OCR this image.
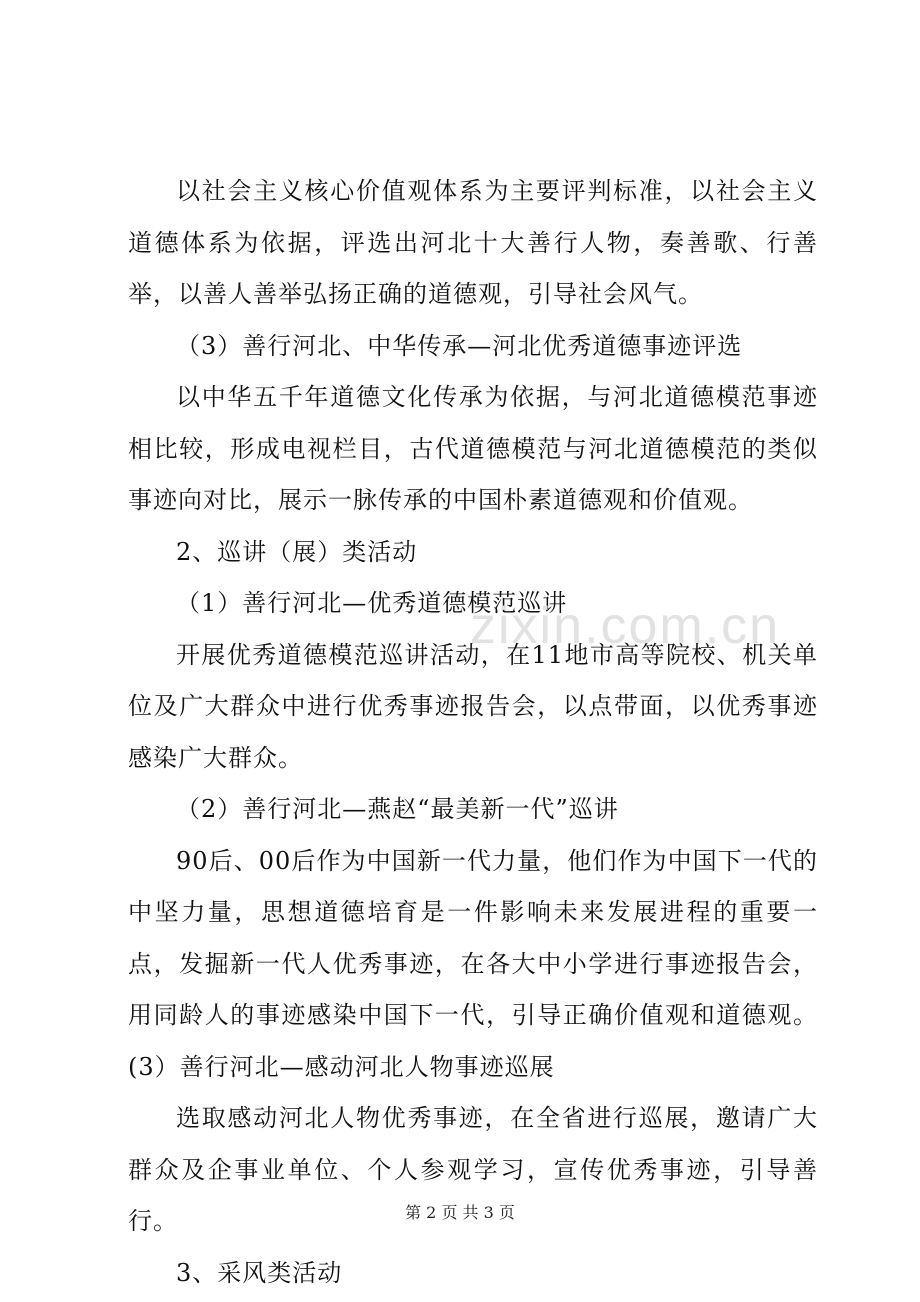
以社会主义核心价值观体系为主要评判标准，以社会主义道德体系为依据，评选出河北十大善行人物，奏善歌、行善举，以善人善举弘扬正确的道德观，引导社会风气。

（3）善行河北、中华传承—河北优秀道德事迹评选

以中华五千年道德文化传承为依据，与河北道德模范事迹相比较，形成电视栏目，古代道德模范与河北道德模范的类似事迹向对比，展示一脉传承的中国朴素道德观和价值观。

2、巡讲（展）类活动

（1）善行河北—优秀道德模范巡讲

开展优秀道德模范巡讲活动，在11地市高等院校、机关单位及广大群众中进行优秀事迹报告会，以点带面，以优秀事迹感染广大群众。

（2）善行河北—燕赵“最美新一代”巡讲

90后、00后作为中国新一代力量，他们作为中国下一代的中坚力量，思想道德培育是一件影响未来发展进程的重要一点，发掘新一代人优秀事迹，在各大中小学进行事迹报告会，用同龄人的事迹感染中国下一代，引导正确价值观和道德观。(3）善行河北—感动河北人物事迹巡展

选取感动河北人物优秀事迹，在全省进行巡展，邀请广大群众及企事业单位、个人参观学习，宣传优秀事迹，引导善行。

3、采风类活动

zixin.com.cn
第 2 页 共 3 页
